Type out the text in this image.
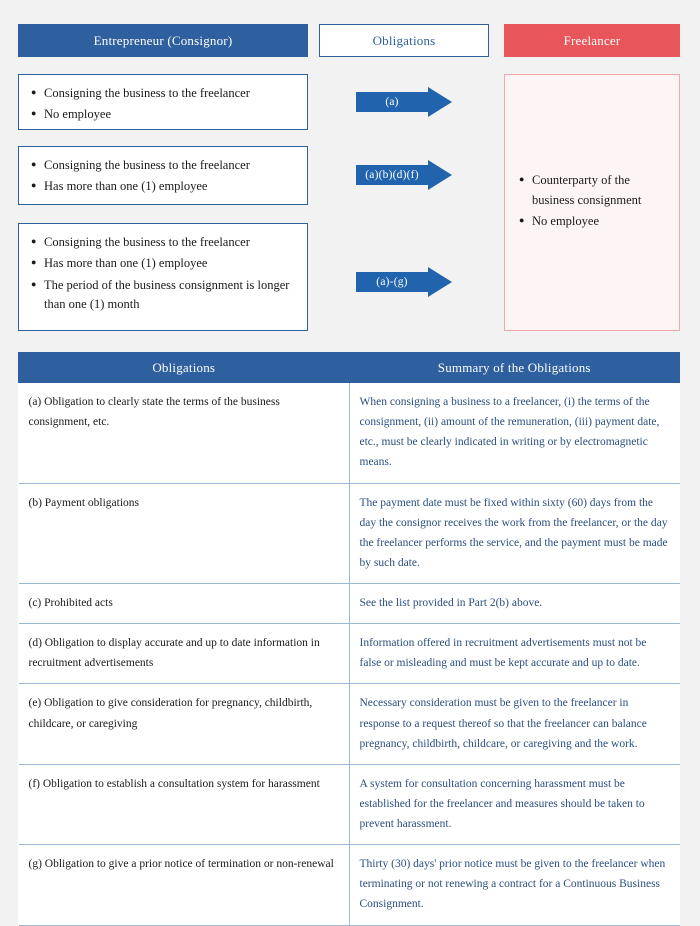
Entrepreneur (Consignor)	Obligations	Freelancer
● Consigning the business to the freelancer
● No employee
● Consigning the business to the freelancer
● Has more than one (1) employee
● Consigning the business to the freelancer
● Has more than one (1) employee
● The period of the business consignment is longer than one (1) month
(a)
(a)(b)(d)(f)
(a)-(g)
● Counterparty of the business consignment
● No employee
Obligations	Summary of the Obligations
(a) Obligation to clearly state the terms of the business consignment, etc.	When consigning a business to a freelancer, (i) the terms of the consignment, (ii) amount of the remuneration, (iii) payment date, etc., must be clearly indicated in writing or by electromagnetic means.
(b) Payment obligations	The payment date must be fixed within sixty (60) days from the day the consignor receives the work from the freelancer, or the day the freelancer performs the service, and the payment must be made by such date.
(c) Prohibited acts	See the list provided in Part 2(b) above.
(d) Obligation to display accurate and up to date information in recruitment advertisements	Information offered in recruitment advertisements must not be false or misleading and must be kept accurate and up to date.
(e) Obligation to give consideration for pregnancy, childbirth, childcare, or caregiving	Necessary consideration must be given to the freelancer in response to a request thereof so that the freelancer can balance pregnancy, childbirth, childcare, or caregiving and the work.
(f) Obligation to establish a consultation system for harassment	A system for consultation concerning harassment must be established for the freelancer and measures should be taken to prevent harassment.
(g) Obligation to give a prior notice of termination or non-renewal	Thirty (30) days' prior notice must be given to the freelancer when terminating or not renewing a contract for a Continuous Business Consignment.
